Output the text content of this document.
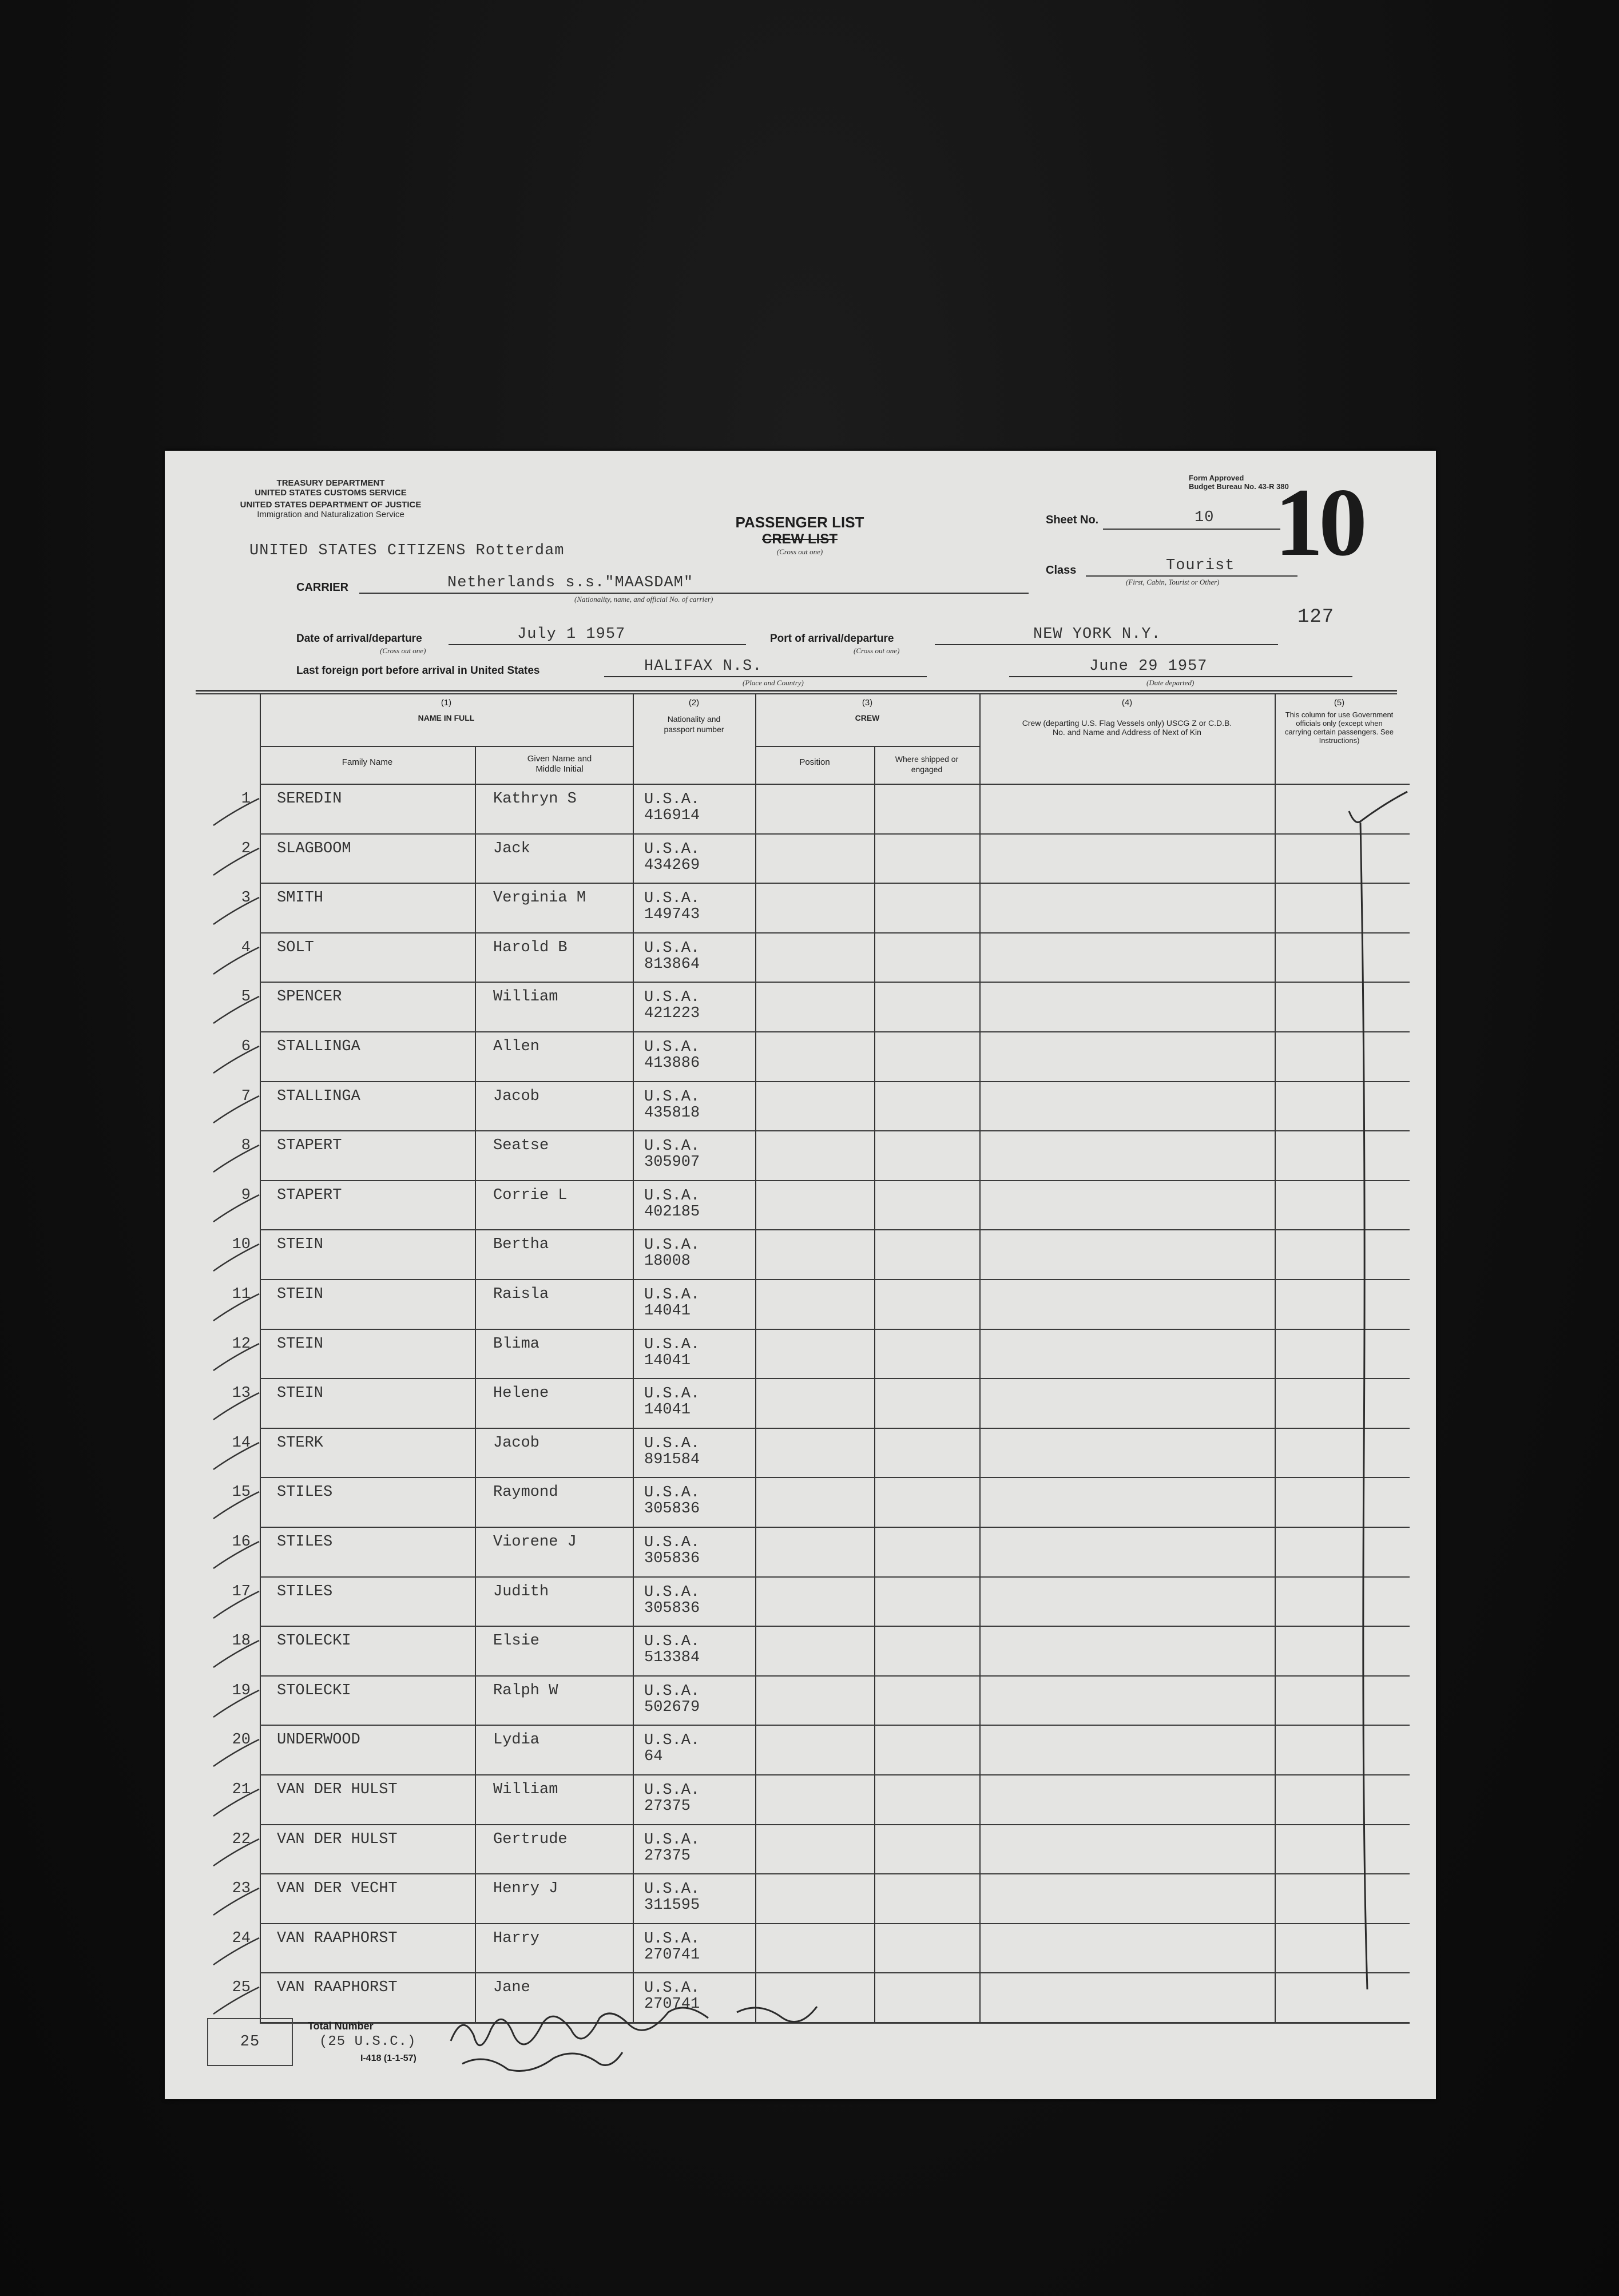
TREASURY DEPARTMENT
UNITED STATES CUSTOMS SERVICE
UNITED STATES DEPARTMENT OF JUSTICE
Immigration and Naturalization Service
Form Approved
Budget Bureau No. 43-R 380
UNITED STATES CITIZENS Rotterdam
PASSENGER LIST
CREW LIST
(Cross out one)
Sheet No.	10
Class	Tourist
(First, Cabin, Tourist or Other)
10
127
CARRIER	Netherlands s.s."MAASDAM"
(Nationality, name, and official No. of carrier)
Date of arrival/departure	July 1 1957
(Cross out one)
Port of arrival/departure	NEW YORK N.Y.
(Cross out one)
Last foreign port before arrival in United States	HALIFAX N.S.
(Place and Country)
June 29 1957
(Date departed)
(1)
NAME IN FULL
Family Name	Given Name and Middle Initial
(2)
Nationality and passport number
(3)
CREW
Position	Where shipped or engaged
(4)
Crew (departing U.S. Flag Vessels only) USCG Z or C.D.B. No. and Name and Address of Next of Kin
(5)
This column for use Government officials only (except when carrying certain passengers. See Instructions)
1 SEREDIN	Kathryn S	U.S.A.
416914
2 SLAGBOOM	Jack	U.S.A.
434269
3 SMITH	Verginia M	U.S.A.
149743
4 SOLT	Harold B	U.S.A.
813864
5 SPENCER	William	U.S.A.
421223
6 STALLINGA	Allen	U.S.A.
413886
7 STALLINGA	Jacob	U.S.A.
435818
8 STAPERT	Seatse	U.S.A.
305907
9 STAPERT	Corrie L	U.S.A.
402185
10 STEIN	Bertha	U.S.A.
18008
11 STEIN	Raisla	U.S.A.
14041
12 STEIN	Blima	U.S.A.
14041
13 STEIN	Helene	U.S.A.
14041
14 STERK	Jacob	U.S.A.
891584
15 STILES	Raymond	U.S.A.
305836
16 STILES	Viorene J	U.S.A.
305836
17 STILES	Judith	U.S.A.
305836
18 STOLECKI	Elsie	U.S.A.
513384
19 STOLECKI	Ralph W	U.S.A.
502679
20 UNDERWOOD	Lydia	U.S.A.
64
21 VAN DER HULST	William	U.S.A.
27375
22 VAN DER HULST	Gertrude	U.S.A.
27375
23 VAN DER VECHT	Henry J	U.S.A.
311595
24 VAN RAAPHORST	Harry	U.S.A.
270741
25 VAN RAAPHORST	Jane	U.S.A.
270741
25
Total Number
(25 U.S.C.)
I-418 (1-1-57)
